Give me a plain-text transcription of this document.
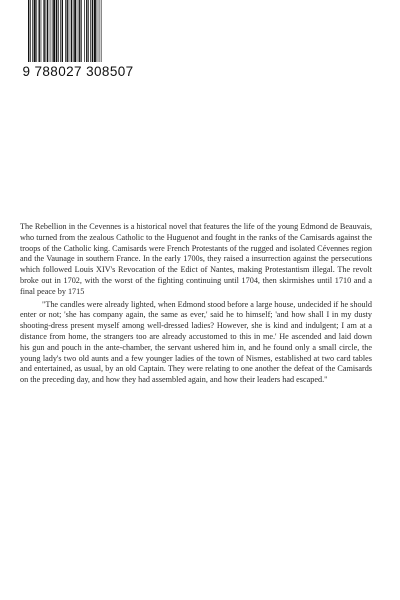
9 788027 308507

The Rebellion in the Cevennes is a historical novel that features the life of the young Edmond de Beauvais, who turned from the zealous Catholic to the Huguenot and fought in the ranks of the Camisards against the troops of the Catholic king. Camisards were French Protestants of the rugged and isolated Cévennes region and the Vaunage in southern France. In the early 1700s, they raised a insurrection against the persecutions which followed Louis XIV's Revocation of the Edict of Nantes, making Protestantism illegal. The revolt broke out in 1702, with the worst of the fighting continuing until 1704, then skirmishes until 1710 and a final peace by 1715

"The candles were already lighted, when Edmond stood before a large house, undecided if he should enter or not; 'she has company again, the same as ever,' said he to himself; 'and how shall I in my dusty shooting-dress present myself among well-dressed ladies? However, she is kind and indulgent; I am at a distance from home, the strangers too are already accustomed to this in me.' He ascended and laid down his gun and pouch in the ante-chamber, the servant ushered him in, and he found only a small circle, the young lady's two old aunts and a few younger ladies of the town of Nismes, established at two card tables and entertained, as usual, by an old Captain. They were relating to one another the defeat of the Camisards on the preceding day, and how they had assembled again, and how their leaders had escaped."
